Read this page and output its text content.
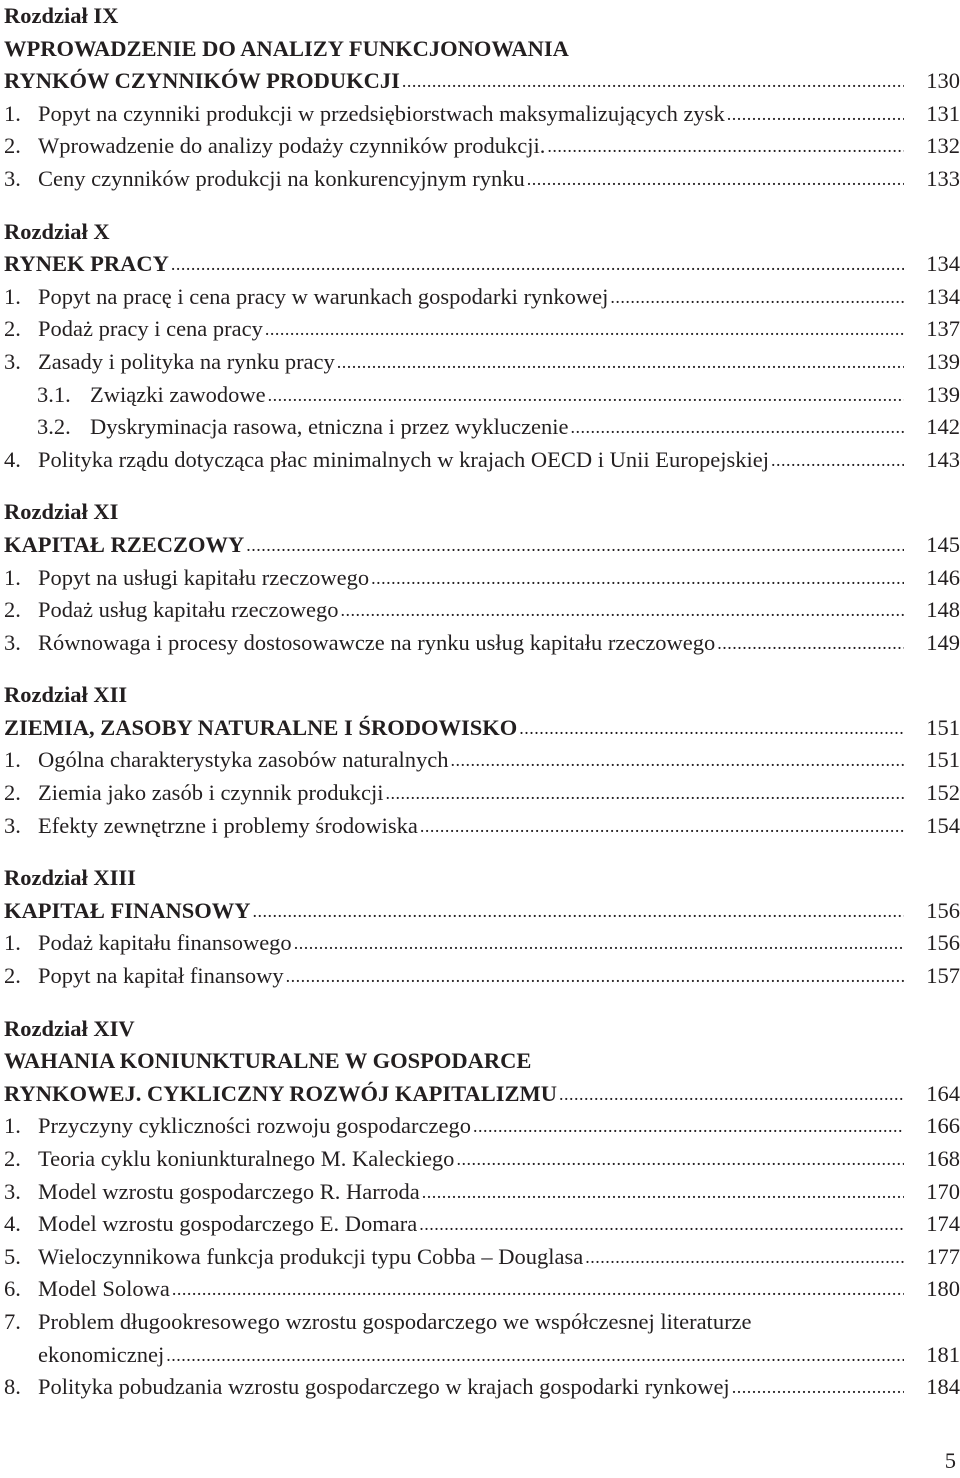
Rozdział IX
WPROWADZENIE DO ANALIZY FUNKCJONOWANIA
RYNKÓW CZYNNIKÓW PRODUKCJI .....	130
1. Popyt na czynniki produkcji w przedsiębiorstwach maksymalizujących zysk .....	131
2. Wprowadzenie do analizy podaży czynników produkcji. .....	132
3. Ceny czynników produkcji na konkurencyjnym rynku .....	133
Rozdział X
RYNEK PRACY .....	134
1. Popyt na pracę i cena pracy w warunkach gospodarki rynkowej .....	134
2. Podaż pracy i cena pracy .....	137
3. Zasady i polityka na rynku pracy .....	139
3.1. Związki zawodowe .....	139
3.2. Dyskryminacja rasowa, etniczna i przez wykluczenie .....	142
4. Polityka rządu dotycząca płac minimalnych w krajach OECD i Unii Europejskiej .....	143
Rozdział XI
KAPITAŁ RZECZOWY .....	145
1. Popyt na usługi kapitału rzeczowego .....	146
2. Podaż usług kapitału rzeczowego .....	148
3. Równowaga i procesy dostosowawcze na rynku usług kapitału rzeczowego .....	149
Rozdział XII
ZIEMIA, ZASOBY NATURALNE I ŚRODOWISKO .....	151
1. Ogólna charakterystyka zasobów naturalnych .....	151
2. Ziemia jako zasób i czynnik produkcji .....	152
3. Efekty zewnętrzne i problemy środowiska .....	154
Rozdział XIII
KAPITAŁ FINANSOWY .....	156
1. Podaż kapitału finansowego .....	156
2. Popyt na kapitał finansowy .....	157
Rozdział XIV
WAHANIA KONIUNKTURALNE W GOSPODARCE
RYNKOWEJ. CYKLICZNY ROZWÓJ KAPITALIZMU .....	164
1. Przyczyny cykliczności rozwoju gospodarczego .....	166
2. Teoria cyklu koniunkturalnego M. Kaleckiego .....	168
3. Model wzrostu gospodarczego R. Harroda .....	170
4. Model wzrostu gospodarczego E. Domara .....	174
5. Wieloczynnikowa funkcja produkcji typu Cobba – Douglasa .....	177
6. Model Solowa .....	180
7. Problem długookresowego wzrostu gospodarczego we współczesnej literaturze
ekonomicznej .....	181
8. Polityka pobudzania wzrostu gospodarczego w krajach gospodarki rynkowej .....	184
5
